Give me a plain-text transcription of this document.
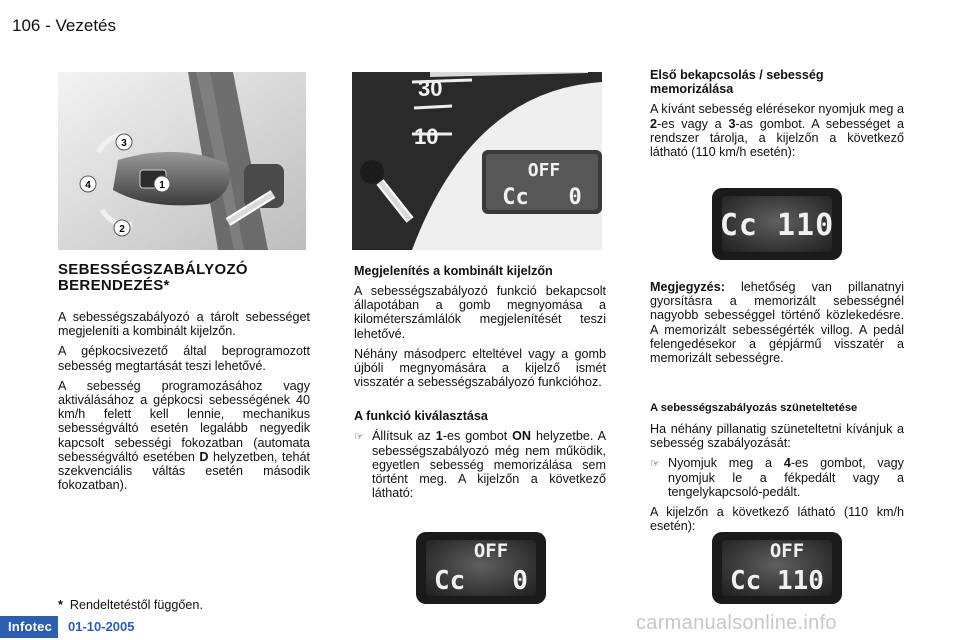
106 - Vezetés
3
4	1
2
30
10
OFF
Cc   0
SEBESSÉGSZABÁLYOZÓ BERENDEZÉS*

A sebességszabályozó a tárolt sebességet megjeleníti a kombinált kijelzőn.

A gépkocsivezető által beprogramozott sebesség megtartását teszi lehetővé.

A sebesség programozásához vagy aktiválásához a gépkocsi sebességének 40 km/h felett kell lennie, mechanikus sebességváltó esetén legalább negyedik kapcsolt sebességi fokozatban (automata sebességváltó esetében D helyzetben, tehát szekvenciális váltás esetén második fokozatban).

* Rendeltetéstől függően.
Megjelenítés a kombinált kijelzőn

A sebességszabályozó funkció bekapcsolt állapotában a gomb megnyomása a kilométerszámlálók megjelenítését teszi lehetővé.

Néhány másodperc elteltével vagy a gomb újbóli megnyomására a kijelző ismét visszatér a sebességszabályozó funkcióhoz.

A funkció kiválasztása
☞ Állítsuk az 1-es gombot ON helyzetbe. A sebességszabályozó még nem működik, egyetlen sebesség memorizálása sem történt meg. A kijelzőn a következő látható:
Első bekapcsolás / sebesség memorizálása

A kívánt sebesség elérésekor nyomjuk meg a 2-es vagy a 3-as gombot. A sebességet a rendszer tárolja, a kijelzőn a következő látható (110 km/h esetén):

Megjegyzés: lehetőség van pillanatnyi gyorsításra a memorizált sebességnél nagyobb sebességgel történő közlekedésre. A memorizált sebességérték villog. A pedál felengedésekor a gépjármű visszatér a memorizált sebességre.

A sebességszabályozás szüneteltetése

Ha néhány pillanatig szüneteltetni kívánjuk a sebesség szabályozását:

☞ Nyomjuk meg a 4-es gombot, vagy nyomjuk le a fékpedált vagy a tengelykapcsoló-pedált.

A kijelzőn a következő látható (110 km/h esetén):

Cc 110
OFF
Cc   0
OFF
Cc 110
Infotec	01-10-2005	carmanualsonline.info
